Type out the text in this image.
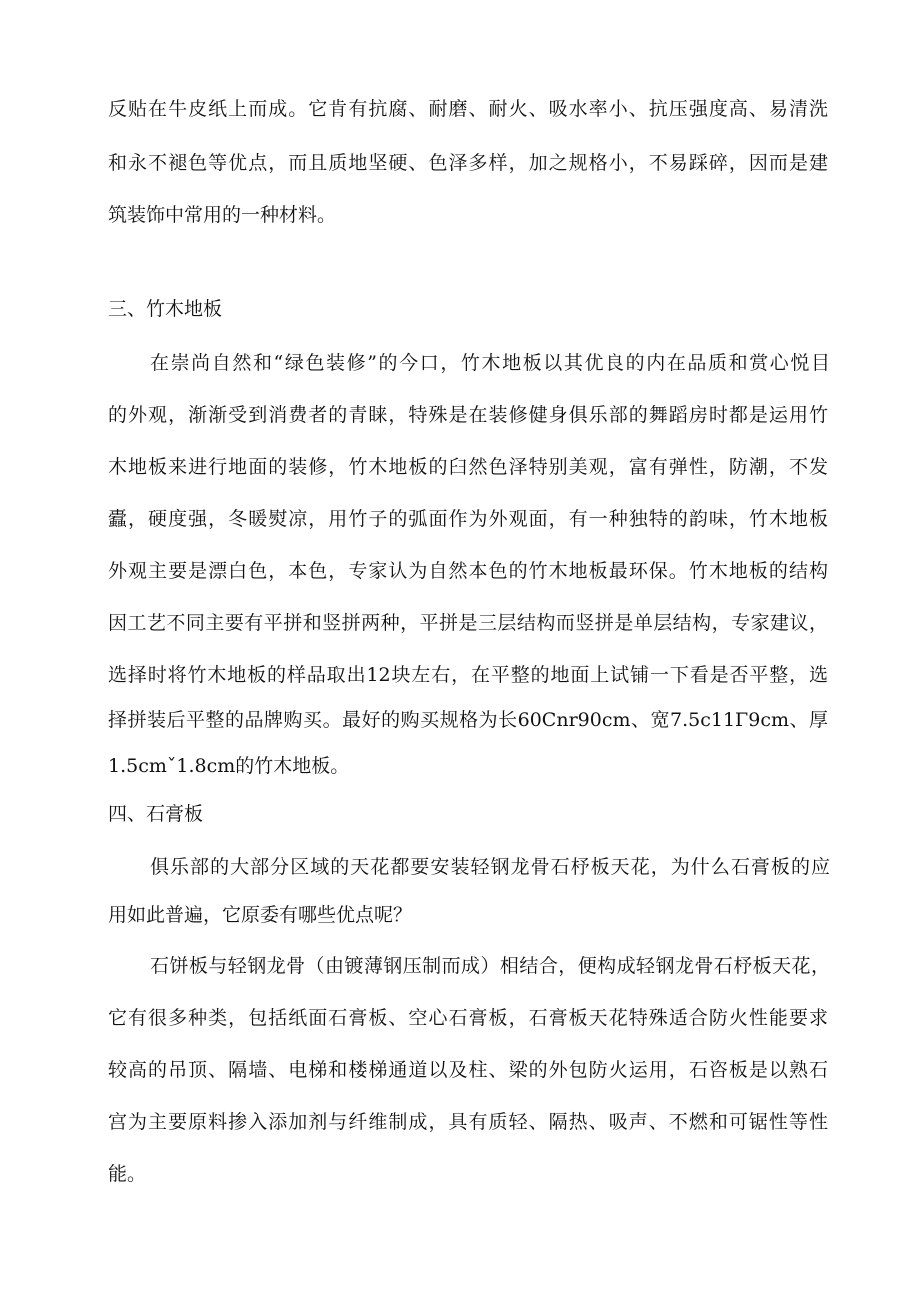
反贴在牛皮纸上而成。它肯有抗腐、耐磨、耐火、吸水率小、抗压强度高、易清洗
和永不褪色等优点，而且质地坚硬、色泽多样，加之规格小，不易踩碎，因而是建
筑装饰中常用的一种材料。
三、竹木地板
在崇尚自然和“绿色装修”的今口，竹木地板以其优良的内在品质和赏心悦目
的外观，渐渐受到消费者的青睐，特殊是在装修健身俱乐部的舞蹈房时都是运用竹
木地板来进行地面的装修，竹木地板的臼然色泽特别美观，富有弹性，防潮，不发
蠹，硬度强，冬暖熨凉，用竹子的弧面作为外观面，有一种独特的韵味，竹木地板
外观主要是漂白色，本色，专家认为自然本色的竹木地板最环保。竹木地板的结构
因工艺不同主要有平拼和竖拼两种，平拼是三层结构而竖拼是单层结构，专家建议，
选择时将竹木地板的样品取出12块左右，在平整的地面上试铺一下看是否平整，选
择拼装后平整的品牌购买。最好的购买规格为长60Cnr90cm、宽7.5c11Γ9cm、厚
1.5cmˇ1.8cm的竹木地板。
四、石膏板
俱乐部的大部分区域的天花都要安装轻钢龙骨石杼板天花，为什么石膏板的应
用如此普遍，它原委有哪些优点呢？
石饼板与轻钢龙骨（由镀薄钢压制而成）相结合，便构成轻钢龙骨石杼板天花，
它有很多种类，包括纸面石膏板、空心石膏板，石膏板天花特殊适合防火性能要求
较高的吊顶、隔墙、电梯和楼梯通道以及柱、梁的外包防火运用，石咨板是以熟石
宫为主要原料掺入添加剂与纤维制成，具有质轻、隔热、吸声、不燃和可锯性等性
能。
